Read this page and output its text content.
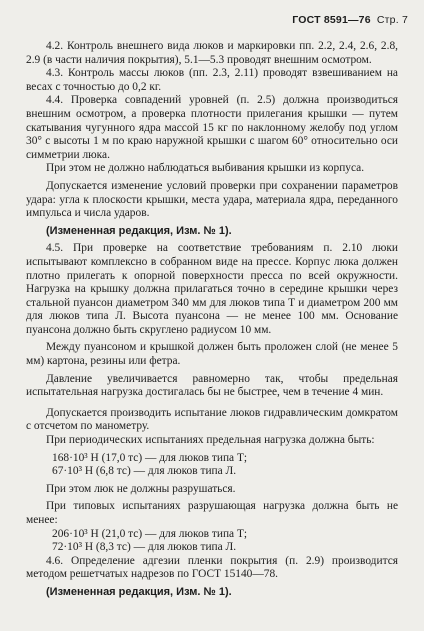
ГОСТ 8591—76 Стр. 7

4.2. Контроль внешнего вида люков и маркировки пп. 2.2, 2.4, 2.6, 2.8, 2.9 (в части наличия покрытия), 5.1—5.3 проводят внешним осмотром.

4.3. Контроль массы люков (пп. 2.3, 2.11) проводят взвешиванием на весах с точностью до 0,2 кг.

4.4. Проверка совпадений уровней (п. 2.5) должна производиться внешним осмотром, а проверка плотности прилегания крышки — путем скатывания чугунного ядра массой 15 кг по наклонному желобу под углом 30° с высоты 1 м по краю наружной крышки с шагом 60° относительно оси симметрии люка.

При этом не должно наблюдаться выбивания крышки из корпуса.

Допускается изменение условий проверки при сохранении параметров удара: угла к плоскости крышки, места удара, материала ядра, переданного импульса и числа ударов.

(Измененная редакция, Изм. № 1).

4.5. При проверке на соответствие требованиям п. 2.10 люки испытывают комплексно в собранном виде на прессе. Корпус люка должен плотно прилегать к опорной поверхности пресса по всей окружности. Нагрузка на крышку должна прилагаться точно в середине крышки через стальной пуансон диаметром 340 мм для люков типа Т и диаметром 200 мм для люков типа Л. Высота пуансона — не менее 100 мм. Основание пуансона должно быть скруглено радиусом 10 мм.

Между пуансоном и крышкой должен быть проложен слой (не менее 5 мм) картона, резины или фетра.

Давление увеличивается равномерно так, чтобы предельная испытательная нагрузка достигалась бы не быстрее, чем в течение 4 мин.

Допускается производить испытание люков гидравлическим домкратом с отсчетом по манометру.

При периодических испытаниях предельная нагрузка должна быть:

168·10³ Н (17,0 тс) — для люков типа Т;

67·10³ Н (6,8 тс) — для люков типа Л.

При этом люк не должны разрушаться.

При типовых испытаниях разрушающая нагрузка должна быть не менее:

206·10³ Н (21,0 тс) — для люков типа Т;

72·10³ Н (8,3 тс) — для люков типа Л.

4.6. Определение адгезии пленки покрытия (п. 2.9) производится методом решетчатых надрезов по ГОСТ 15140—78.

(Измененная редакция, Изм. № 1).
